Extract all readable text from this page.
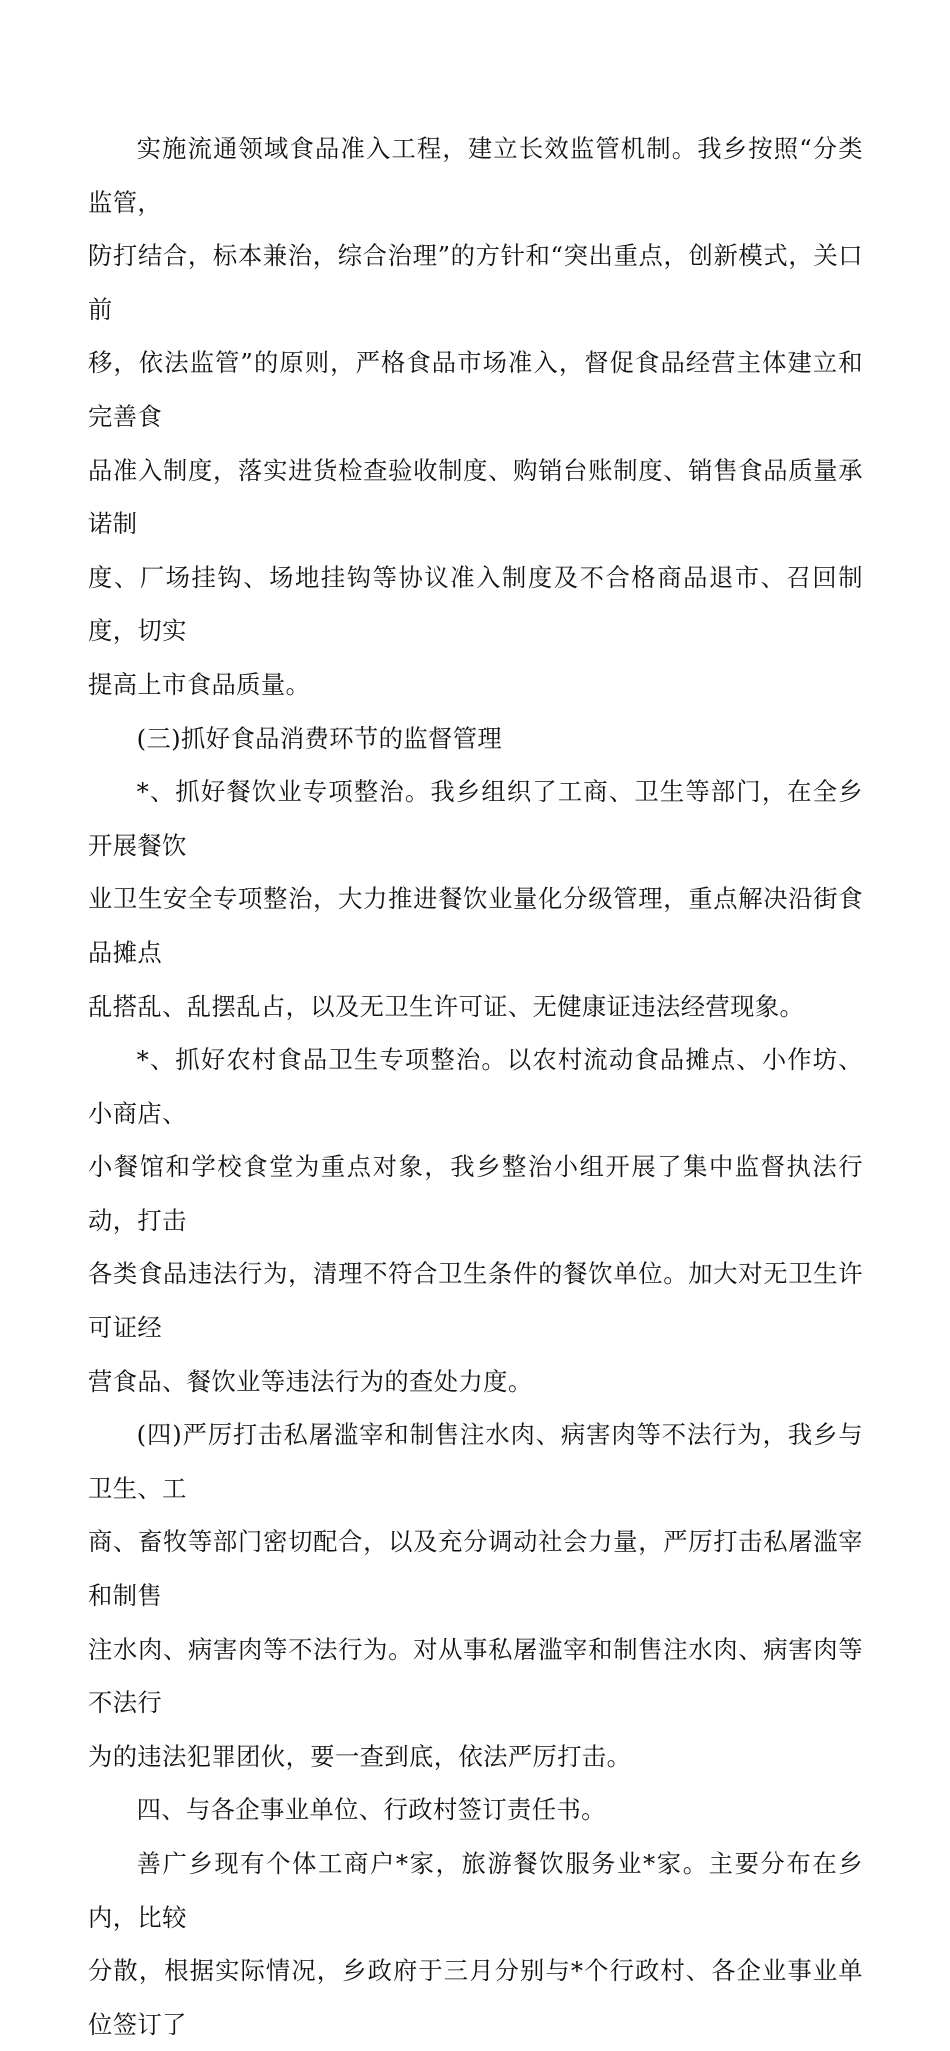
实施流通领域食品准入工程，建立长效监管机制。我乡按照“分类监管，
防打结合，标本兼治，综合治理”的方针和“突出重点，创新模式，关口前
移，依法监管”的原则，严格食品市场准入，督促食品经营主体建立和完善食
品准入制度，落实进货检查验收制度、购销台账制度、销售食品质量承诺制
度、厂场挂钩、场地挂钩等协议准入制度及不合格商品退市、召回制度，切实
提高上市食品质量。

(三)抓好食品消费环节的监督管理

*、抓好餐饮业专项整治。我乡组织了工商、卫生等部门，在全乡开展餐饮
业卫生安全专项整治，大力推进餐饮业量化分级管理，重点解决沿街食品摊点
乱搭乱、乱摆乱占，以及无卫生许可证、无健康证违法经营现象。

*、抓好农村食品卫生专项整治。以农村流动食品摊点、小作坊、小商店、
小餐馆和学校食堂为重点对象，我乡整治小组开展了集中监督执法行动，打击
各类食品违法行为，清理不符合卫生条件的餐饮单位。加大对无卫生许可证经
营食品、餐饮业等违法行为的查处力度。

(四)严厉打击私屠滥宰和制售注水肉、病害肉等不法行为，我乡与卫生、工
商、畜牧等部门密切配合，以及充分调动社会力量，严厉打击私屠滥宰和制售
注水肉、病害肉等不法行为。对从事私屠滥宰和制售注水肉、病害肉等不法行
为的违法犯罪团伙，要一查到底，依法严厉打击。

四、与各企事业单位、行政村签订责任书。

善广乡现有个体工商户*家，旅游餐饮服务业*家。主要分布在乡内，比较
分散，根据实际情况，乡政府于三月分别与*个行政村、各企业事业单位签订了
